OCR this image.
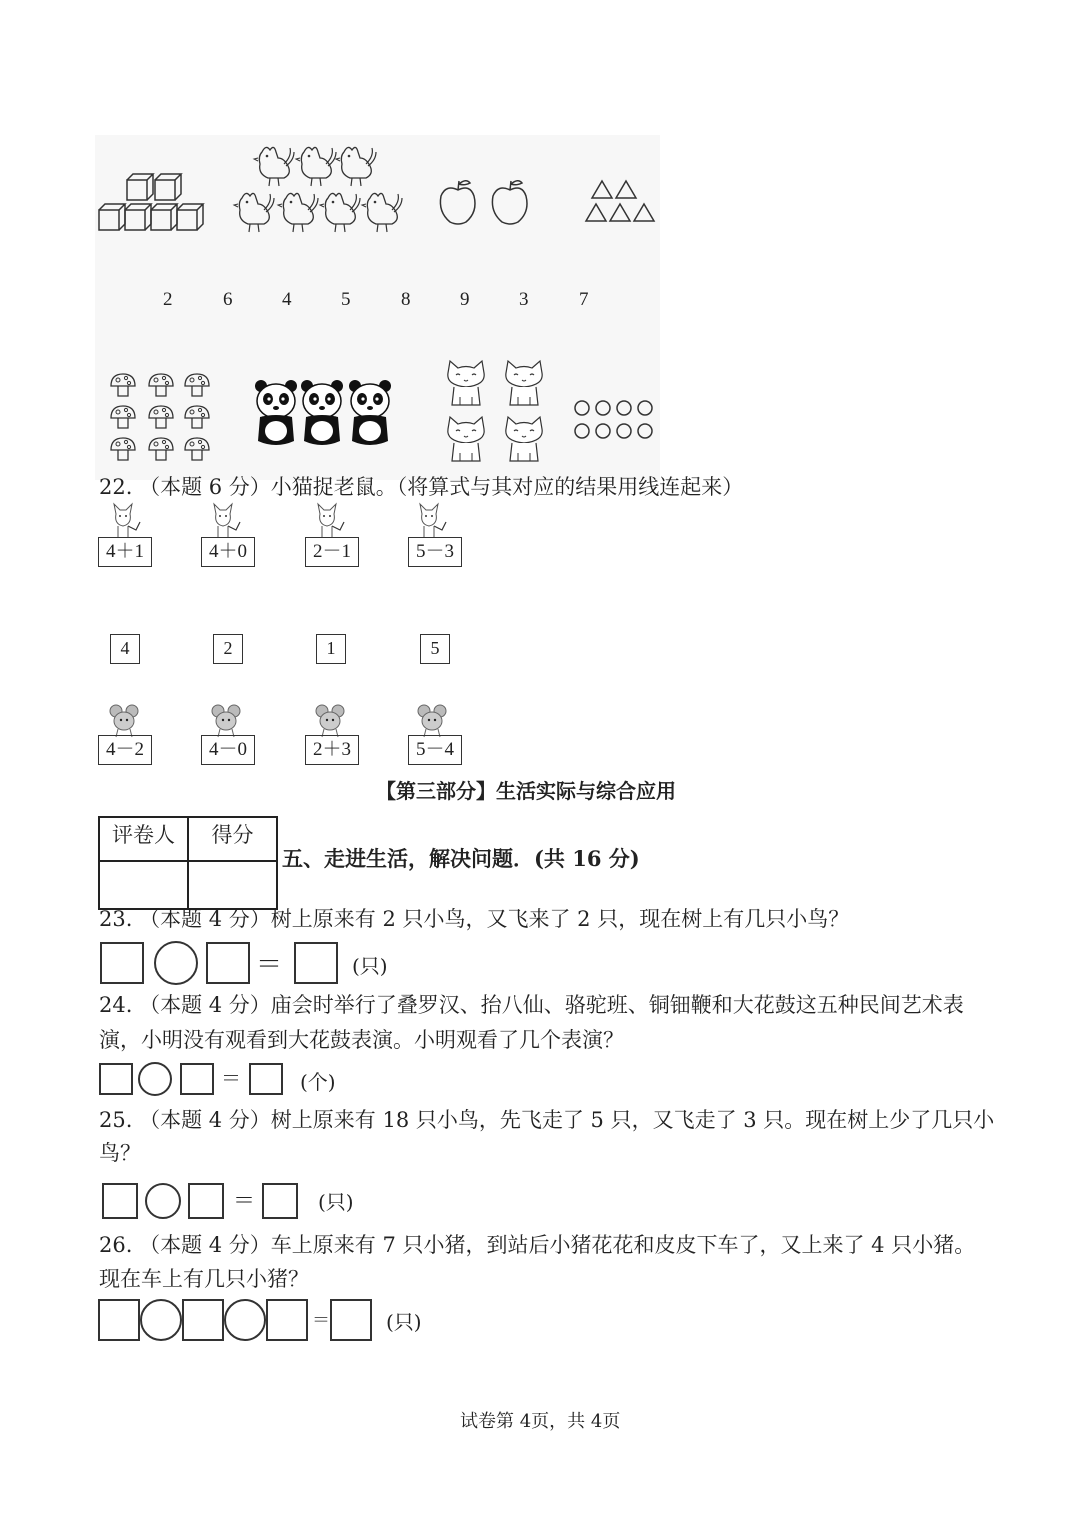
2	6	4	5	8	9	3	7
22. （本题 6 分）小猫捉老鼠。（将算式与其对应的结果用线连起来）
4＋1	4＋0	2－1	5－3
4	2	1	5
4－2	4－0	2＋3	5－4
【第三部分】生活实际与综合应用
评卷人	得分

五、走进生活，解决问题．(共 16 分)
23. （本题 4 分）树上原来有 2 只小鸟，又飞来了 2 只，现在树上有几只小鸟？
＝	(只)
24. （本题 4 分）庙会时举行了叠罗汉、抬八仙、骆驼班、铜钿鞭和大花鼓这五种民间艺术表
演，小明没有观看到大花鼓表演。小明观看了几个表演？
＝	(个)
25. （本题 4 分）树上原来有 18 只小鸟，先飞走了 5 只，又飞走了 3 只。现在树上少了几只小
鸟？
＝	(只)
26. （本题 4 分）车上原来有 7 只小猪，到站后小猪花花和皮皮下车了，又上来了 4 只小猪。
现在车上有几只小猪？
＝	(只)
试卷第 4页，共 4页
